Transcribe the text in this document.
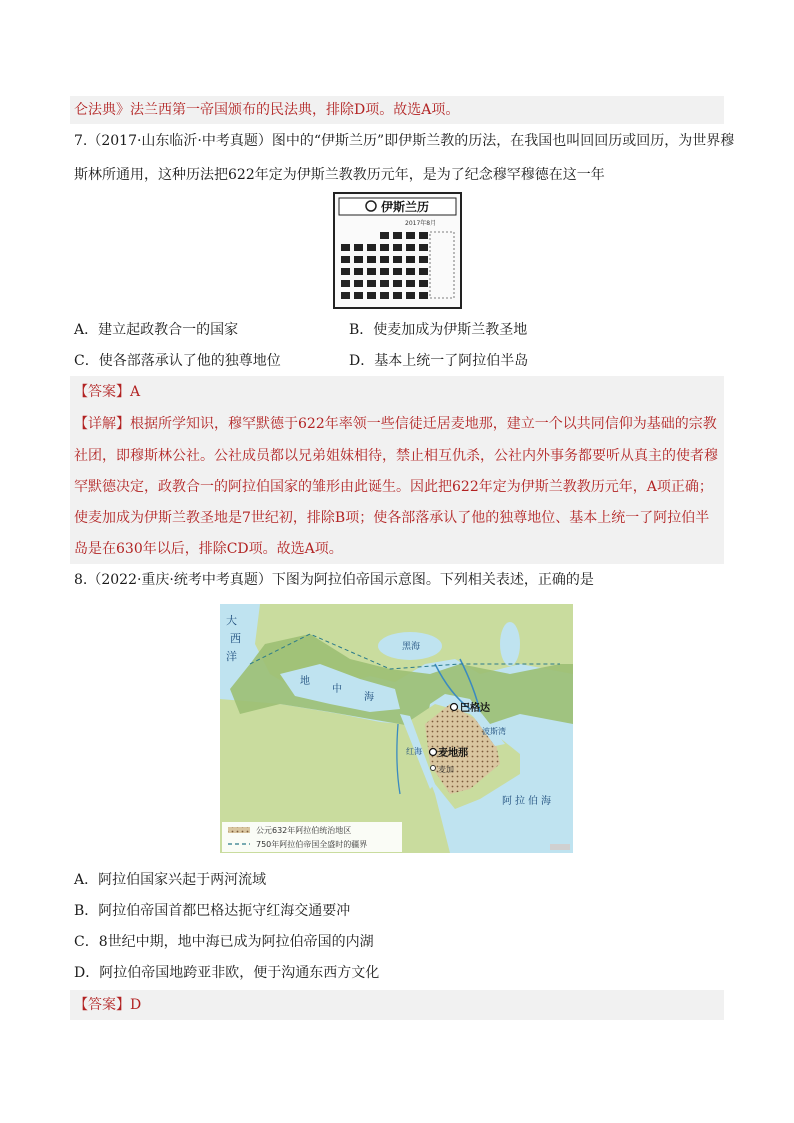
仑法典》法兰西第一帝国颁布的民法典，排除D项。故选A项。
7.（2017·山东临沂·中考真题）图中的“伊斯兰历”即伊斯兰教的历法，在我国也叫回回历或回历，为世界穆
斯林所通用，这种历法把622年定为伊斯兰教教历元年，是为了纪念穆罕穆德在这一年
伊斯兰历
2017年8月
A．建立起政教合一的国家	B．使麦加成为伊斯兰教圣地
C．使各部落承认了他的独尊地位	D．基本上统一了阿拉伯半岛
【答案】A
【详解】根据所学知识，穆罕默德于622年率领一些信徒迁居麦地那，建立一个以共同信仰为基础的宗教
社团，即穆斯林公社。公社成员都以兄弟姐妹相待，禁止相互仇杀，公社内外事务都要听从真主的使者穆
罕默德决定，政教合一的阿拉伯国家的雏形由此诞生。因此把622年定为伊斯兰教教历元年，A项正确；
使麦加成为伊斯兰教圣地是7世纪初，排除B项；使各部落承认了他的独尊地位、基本上统一了阿拉伯半
岛是在630年以后，排除CD项。故选A项。
8.（2022·重庆·统考中考真题）下图为阿拉伯帝国示意图。下列相关表述，正确的是
大
西
洋
黑海
地
中
海
红海
波斯湾
巴格达
麦地那
麦加
阿拉伯海
公元632年阿拉伯统治地区
750年阿拉伯帝国全盛时的疆界
A．阿拉伯国家兴起于两河流域
B．阿拉伯帝国首都巴格达扼守红海交通要冲
C．8世纪中期，地中海已成为阿拉伯帝国的内湖
D．阿拉伯帝国地跨亚非欧，便于沟通东西方文化
【答案】D
